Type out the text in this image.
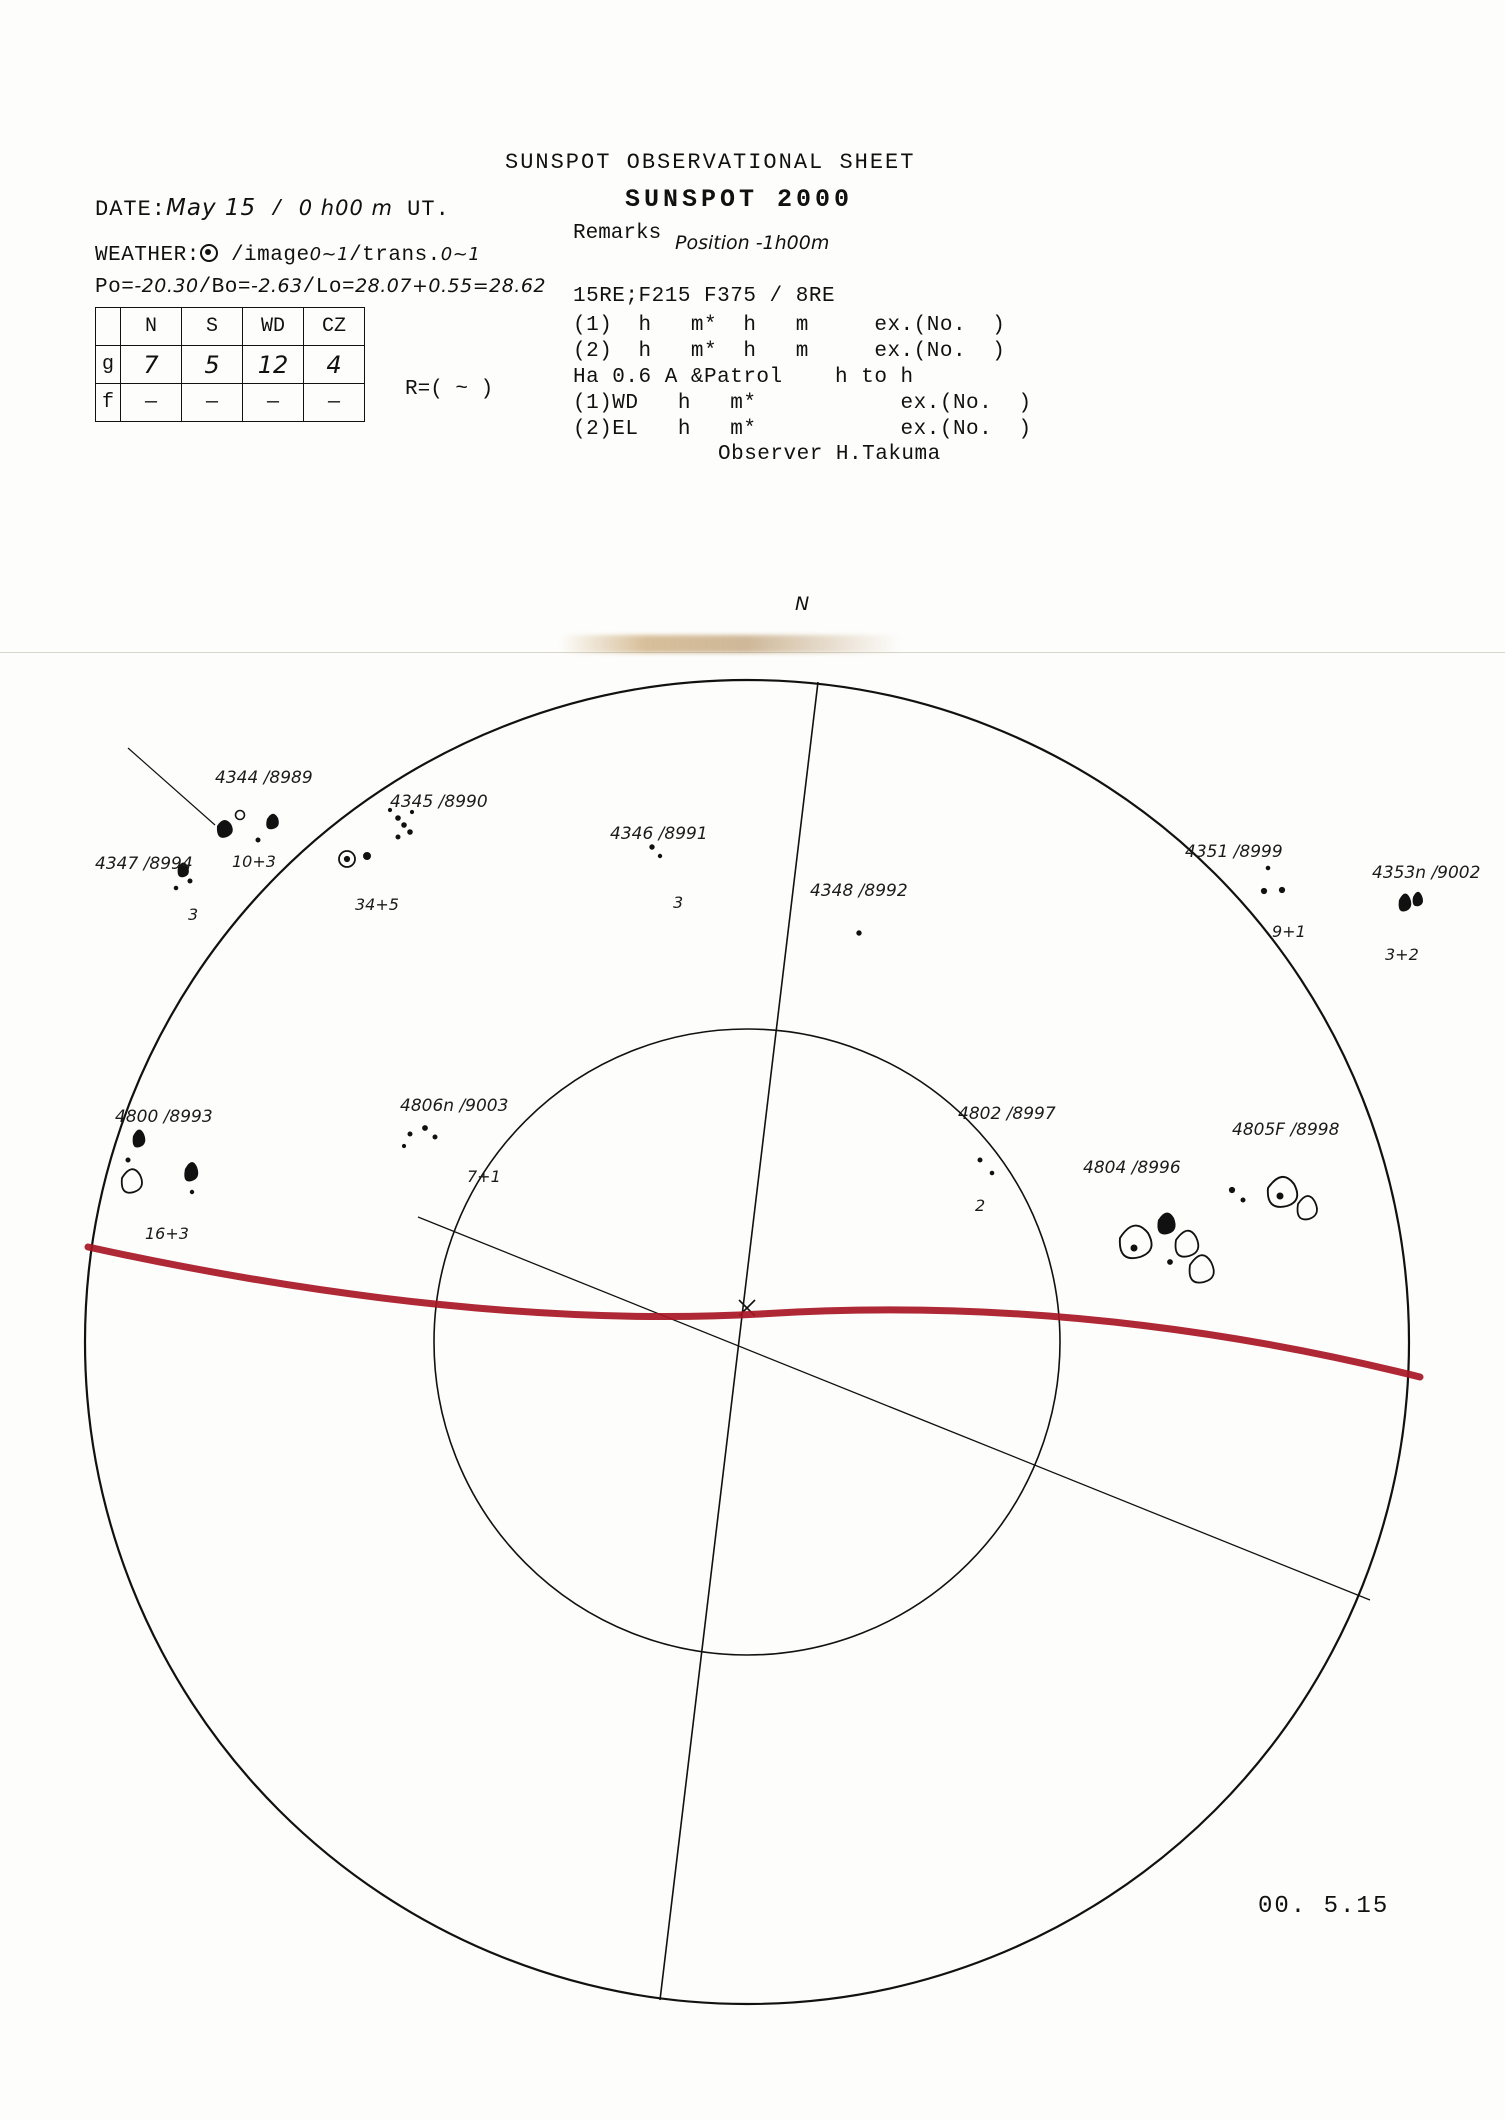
SUNSPOT OBSERVATIONAL SHEET
DATE:May 15 / 0 h00 m UT.
WEATHER: /image0~1/trans.0~1
Po=-20.30/Bo=-2.63/Lo=28.07+0.55=28.62
	N	S	WD	CZ
g	7	5	12	4
f	—	—	—	—
R=( ~ )
SUNSPOT 2000
Remarks Position -1h00m
15RE;F215 F375 / 8RE
(1)  h   m*  h   m     ex.(No.  )
(2)  h   m*  h   m     ex.(No.  )
Ha 0.6 A &Patrol    h to h
(1)WD   h   m*           ex.(No.  )
(2)EL   h   m*           ex.(No.  )
Observer H.Takuma
N
4344 /8989
10+3
4345 /8990
34+5
4346 /8991
3
4347 /8994
3
4348 /8992
4351 /8999
9+1
4353n /9002
3+2
4800 /8993
16+3
4806n /9003
7+1
4802 /8997
2
4804 /8996
4805F /8998
00. 5.15
